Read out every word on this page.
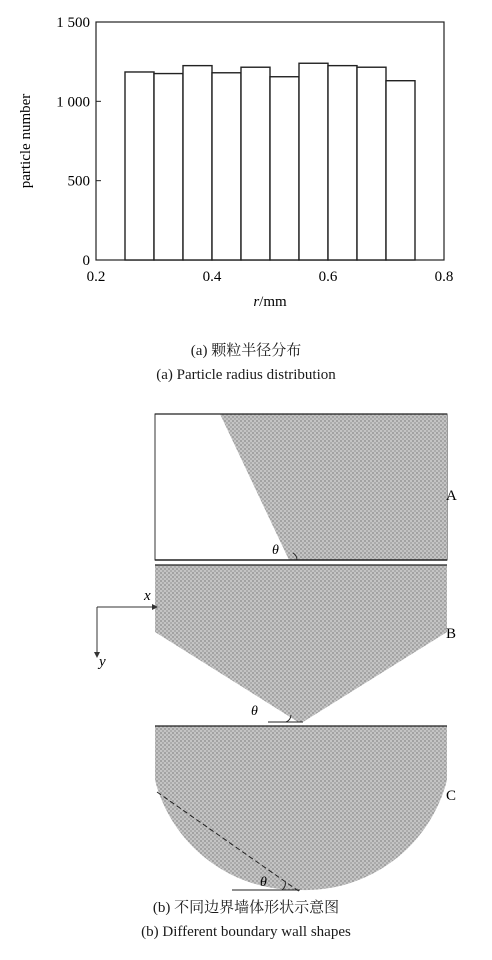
0
500
1 000
1 500
0.2	0.4	0.6	0.8
particle number
r/mm
(a) 颗粒半径分布
(a) Particle radius distribution
θ
A
θ
B
x
y
θ
C
(b) 不同边界墙体形状示意图
(b) Different boundary wall shapes
